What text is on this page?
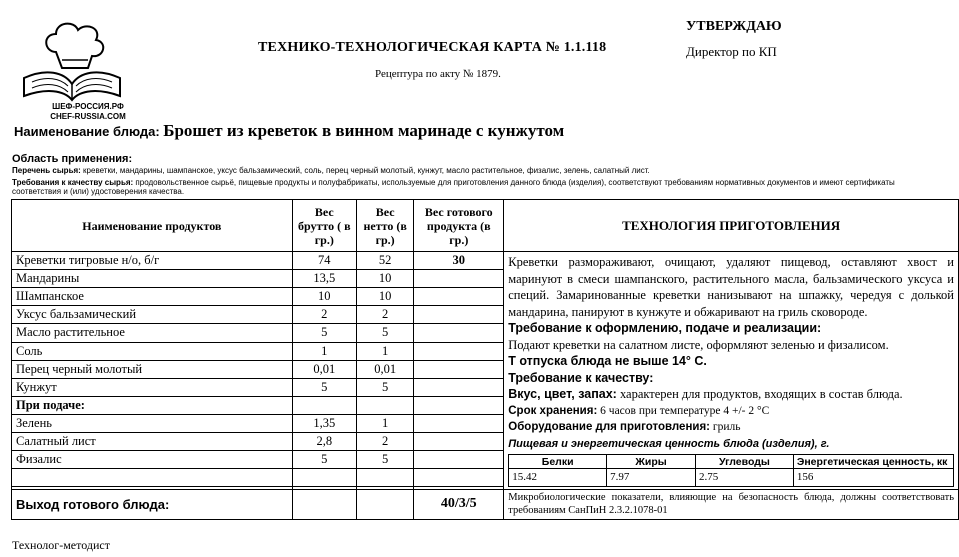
ШЕФ-РОССИЯ.РФ
CHEF-RUSSIA.COM
ТЕХНИКО-ТЕХНОЛОГИЧЕСКАЯ КАРТА № 1.1.118
Рецептура по акту № 1879.
УТВЕРЖДАЮ
Директор по КП
Наименование блюда: Брошет из креветок в винном маринаде с кунжутом
Область применения:
Перечень сырья: креветки, мандарины, шампанское, уксус бальзамический, соль, перец черный молотый, кунжут, масло растительное, физалис, зелень, салатный лист.
Требования к качеству сырья: продовольственное сырьё, пищевые продукты и полуфабрикаты, используемые для приготовления данного блюда (изделия), соответствуют требованиям нормативных документов и имеют сертификаты соответствия и (или) удостоверения качества.
Наименование продуктов	Вес брутто ( в гр.)	Вес нетто (в гр.)	Вес готового продукта (в гр.)	ТЕХНОЛОГИЯ ПРИГОТОВЛЕНИЯ
Креветки тигровые н/о, б/г	74	52	30	Креветки размораживают, очищают, удаляют пищевод, оставляют хвост и маринуют в смеси шампанского, растительного масла, бальзамического уксуса и специй. Замаринованные креветки нанизывают на шпажку, чередуя с долькой мандарина, панируют в кунжуте и обжаривают на гриль сковороде.

Требование к оформлению, подаче и реализации:

Подают креветки на салатном листе, оформляют зеленью и физалисом.

Т отпуска блюда не выше 14° С.

Требование к качеству:

Вкус, цвет, запах: характерен для продуктов, входящих в состав блюда.

Срок хранения: 6 часов при температуре 4 +/- 2 °С

Оборудование для приготовления: гриль

Пищевая и энергетическая ценность блюда (изделия), г.

Белки	Жиры	Углеводы	Энергетическая ценность, кк
15.42	7.97	2.75	156

Мандарины	13,5	10	
Шампанское	10	10	
Уксус бальзамический	2	2	
Масло растительное	5	5	
Соль	1	1	
Перец черный молотый	0,01	0,01	
Кунжут	5	5	
При подаче:			
Зелень	1,35	1	
Салатный лист	2,8	2	
Физалис	5	5	

Выход готового блюда:			40/3/5	Микробиологические показатели, влияющие на безопасность блюда, должны соответствовать требованиям СанПиН 2.3.2.1078-01
Технолог-методист
